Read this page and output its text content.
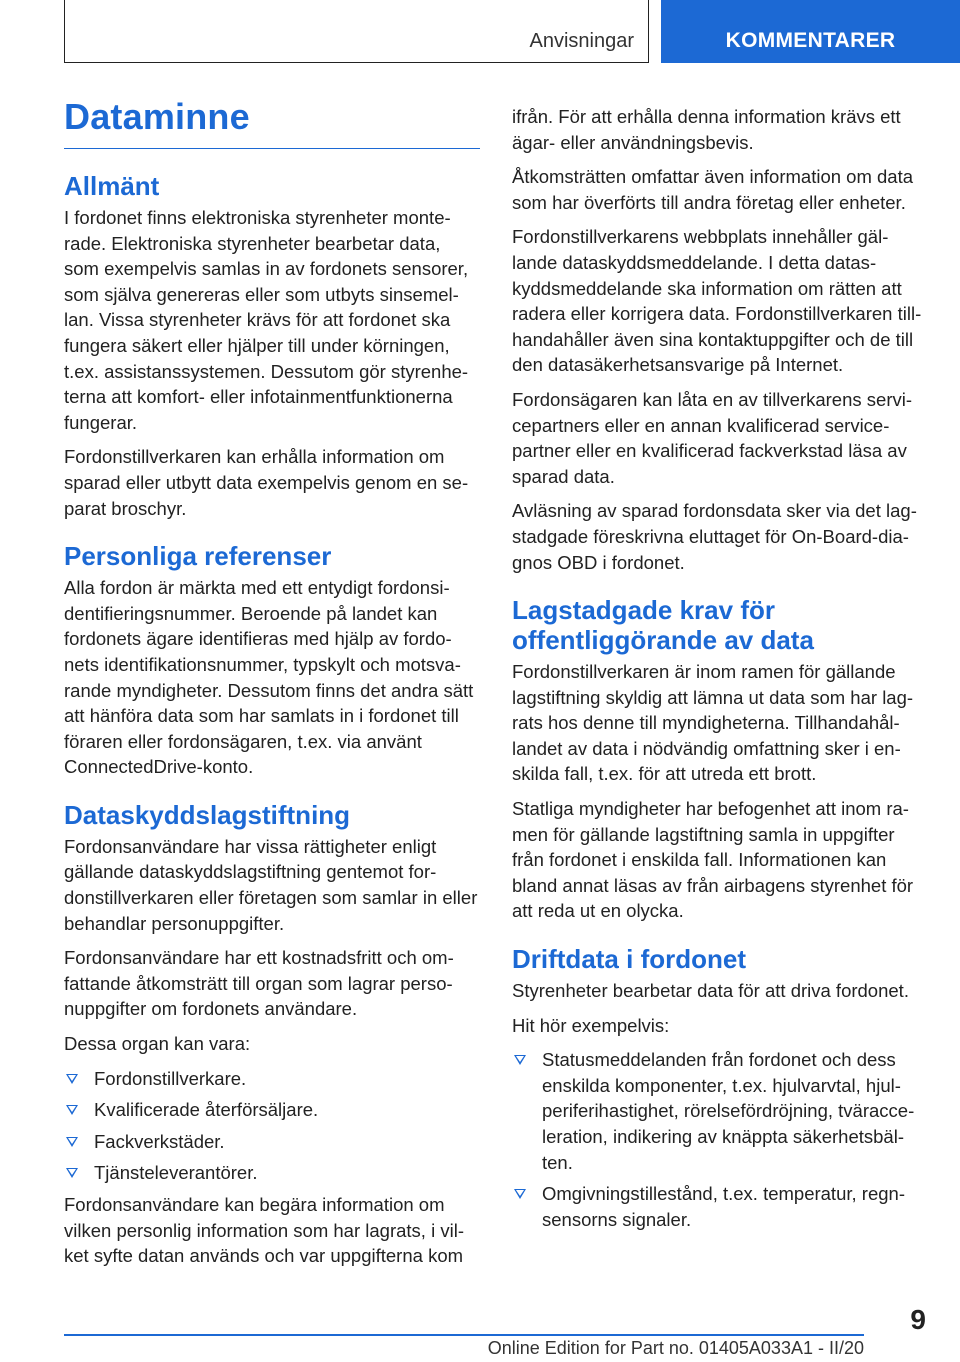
Anvisningar	KOMMENTARER
Dataminne
Allmänt

I fordonet finns elektroniska styrenheter monterade. Elektroniska styrenheter bearbetar data, som exempelvis samlas in av fordonets sensorer, som själva genereras eller som utbyts sinsemellan. Vissa styrenheter krävs för att fordonet ska fungera säkert eller hjälper till under körningen, t.ex. assistanssystemen. Dessutom gör styrenheterna att komfort- eller infotainmentfunktionerna fungerar.

Fordonstillverkaren kan erhålla information om sparad eller utbytt data exempelvis genom en separat broschyr.

Personliga referenser

Alla fordon är märkta med ett entydigt fordonsidentifieringsnummer. Beroende på landet kan fordonets ägare identifieras med hjälp av fordonets identifikationsnummer, typskylt och motsvarande myndigheter. Dessutom finns det andra sätt att hänföra data som har samlats in i fordonet till föraren eller fordonsägaren, t.ex. via använt ConnectedDrive-konto.

Dataskyddslagstiftning

Fordonsanvändare har vissa rättigheter enligt gällande dataskyddslagstiftning gentemot fordonstillverkaren eller företagen som samlar in eller behandlar personuppgifter.

Fordonsanvändare har ett kostnadsfritt och omfattande åtkomsträtt till organ som lagrar personuppgifter om fordonets användare.

Dessa organ kan vara:

Fordonstillverkare.
Kvalificerade återförsäljare.
Fackverkstäder.
Tjänsteleverantörer.

Fordonsanvändare kan begära information om vilken personlig information som har lagrats, i vilket syfte datan används och var uppgifterna kom

ifrån. För att erhålla denna information krävs ett ägar- eller användningsbevis.

Åtkomsträtten omfattar även information om data som har överförts till andra företag eller enheter.

Fordonstillverkarens webbplats innehåller gällande dataskyddsmeddelande. I detta dataskyddsmeddelande ska information om rätten att radera eller korrigera data. Fordonstillverkaren tillhandahåller även sina kontaktuppgifter och de till den datasäkerhetsansvarige på Internet.

Fordonsägaren kan låta en av tillverkarens servicepartners eller en annan kvalificerad servicepartner eller en kvalificerad fackverkstad läsa av sparad data.

Avläsning av sparad fordonsdata sker via det lagstadgade föreskrivna eluttaget för On-Board-diagnos OBD i fordonet.

Lagstadgade krav för offentliggörande av data

Fordonstillverkaren är inom ramen för gällande lagstiftning skyldig att lämna ut data som har lagrats hos denne till myndigheterna. Tillhandahållandet av data i nödvändig omfattning sker i enskilda fall, t.ex. för att utreda ett brott.

Statliga myndigheter har befogenhet att inom ramen för gällande lagstiftning samla in uppgifter från fordonet i enskilda fall. Informationen kan bland annat läsas av från airbagens styrenhet för att reda ut en olycka.

Driftdata i fordonet

Styrenheter bearbetar data för att driva fordonet.

Hit hör exempelvis:

Statusmeddelanden från fordonet och dess enskilda komponenter, t.ex. hjulvarvtal, hjulperiferihastighet, rörelsefördröjning, tväracceleration, indikering av knäppta säkerhetsbälten.
Omgivningstillestånd, t.ex. temperatur, regnsensorns signaler.
9
Online Edition for Part no. 01405A033A1 - II/20
